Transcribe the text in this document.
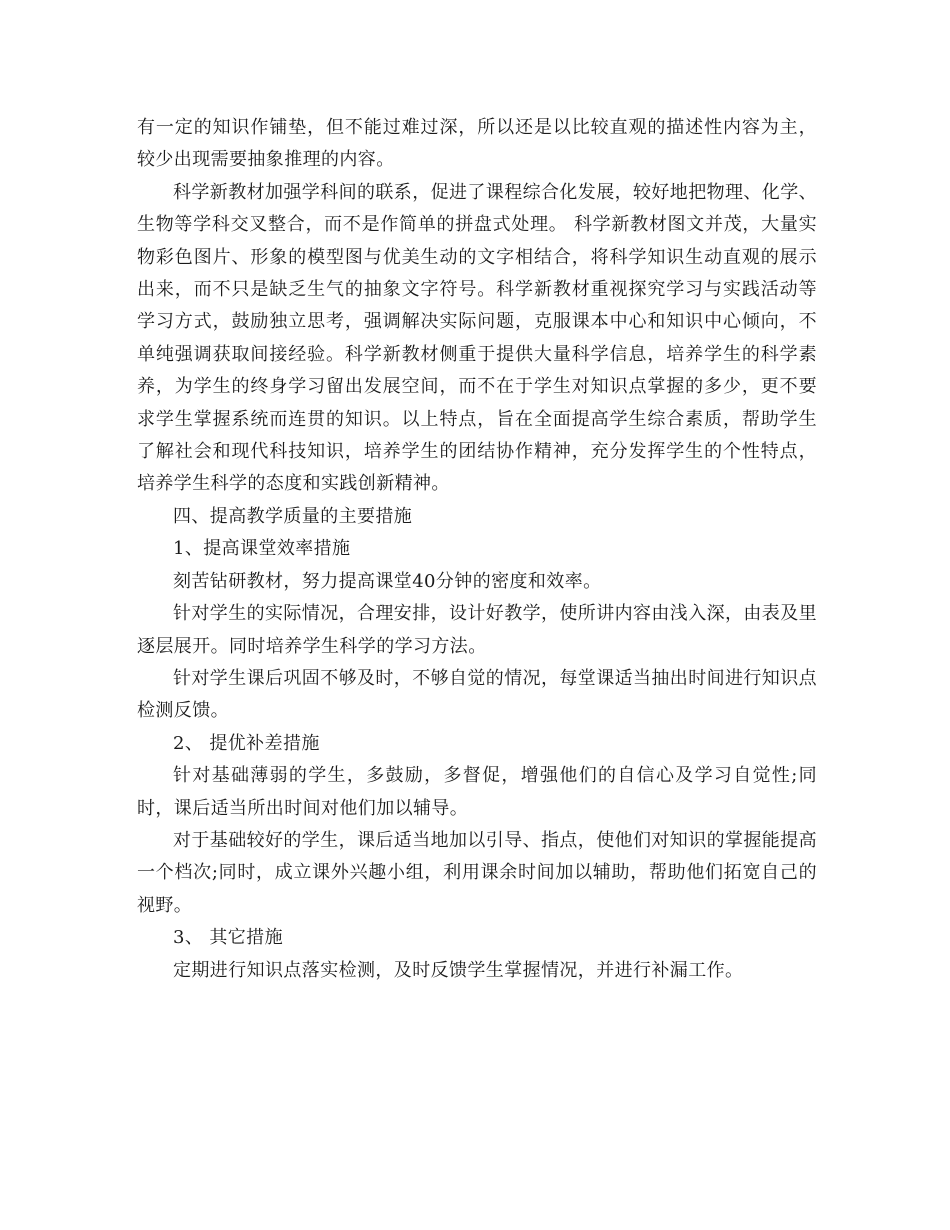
有一定的知识作铺垫，但不能过难过深，所以还是以比较直观的描述性内容为主，较少出现需要抽象推理的内容。

科学新教材加强学科间的联系，促进了课程综合化发展，较好地把物理、化学、生物等学科交叉整合，而不是作简单的拼盘式处理。 科学新教材图文并茂，大量实物彩色图片、形象的模型图与优美生动的文字相结合，将科学知识生动直观的展示出来，而不只是缺乏生气的抽象文字符号。科学新教材重视探究学习与实践活动等学习方式，鼓励独立思考，强调解决实际问题，克服课本中心和知识中心倾向，不单纯强调获取间接经验。科学新教材侧重于提供大量科学信息，培养学生的科学素养，为学生的终身学习留出发展空间，而不在于学生对知识点掌握的多少，更不要求学生掌握系统而连贯的知识。以上特点，旨在全面提高学生综合素质，帮助学生了解社会和现代科技知识，培养学生的团结协作精神，充分发挥学生的个性特点，培养学生科学的态度和实践创新精神。

四、提高教学质量的主要措施

1、提高课堂效率措施

刻苦钻研教材，努力提高课堂40分钟的密度和效率。

针对学生的实际情况，合理安排，设计好教学，使所讲内容由浅入深，由表及里逐层展开。同时培养学生科学的学习方法。

针对学生课后巩固不够及时，不够自觉的情况，每堂课适当抽出时间进行知识点检测反馈。

2、 提优补差措施

针对基础薄弱的学生，多鼓励，多督促，增强他们的自信心及学习自觉性;同时，课后适当所出时间对他们加以辅导。

对于基础较好的学生，课后适当地加以引导、指点，使他们对知识的掌握能提高一个档次;同时，成立课外兴趣小组，利用课余时间加以辅助，帮助他们拓宽自己的视野。

3、 其它措施

定期进行知识点落实检测，及时反馈学生掌握情况，并进行补漏工作。
